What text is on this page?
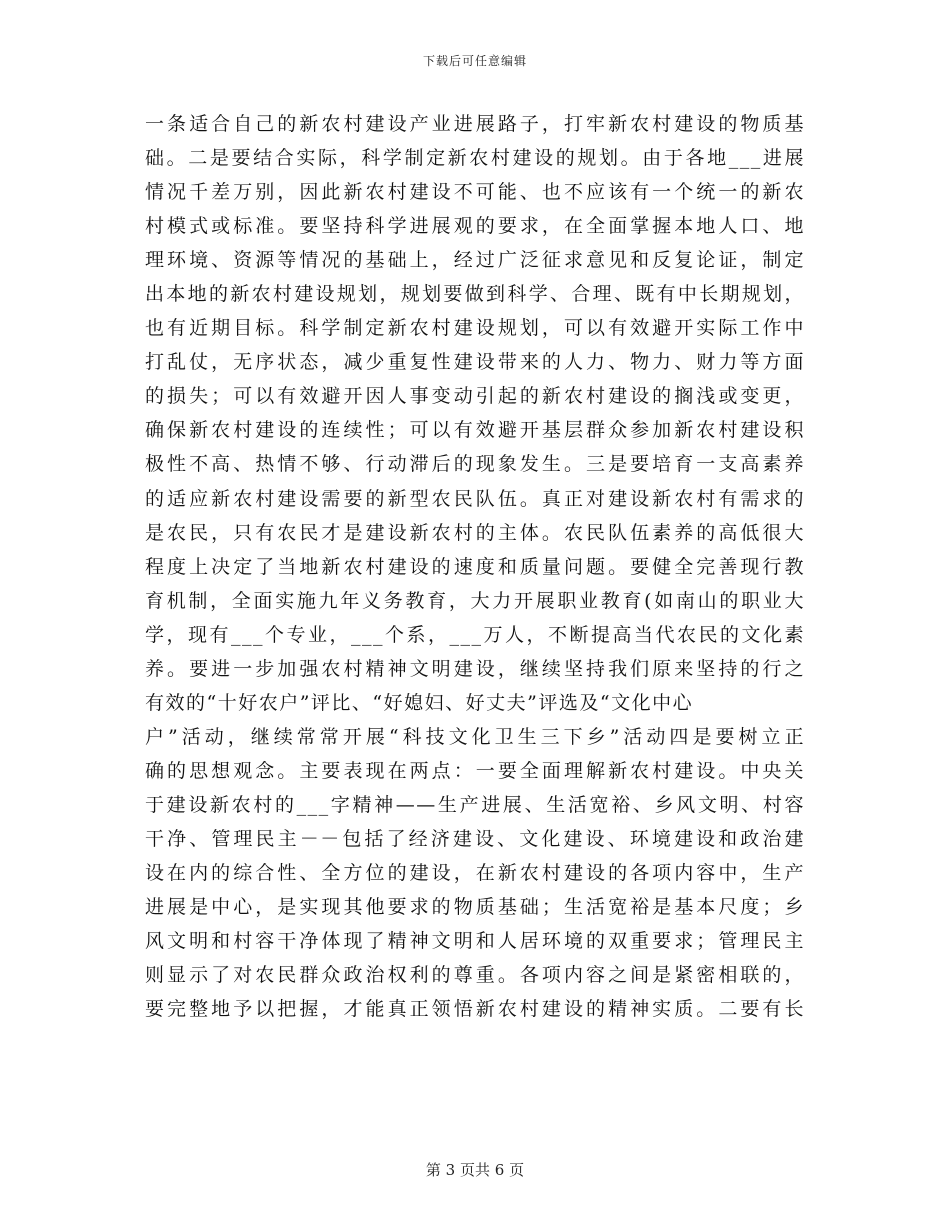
下载后可任意编辑
一条适合自己的新农村建设产业进展路子，打牢新农村建设的物质基
础。二是要结合实际，科学制定新农村建设的规划。由于各地___进展
情况千差万别，因此新农村建设不可能、也不应该有一个统一的新农
村模式或标准。要坚持科学进展观的要求，在全面掌握本地人口、地
理环境、资源等情况的基础上，经过广泛征求意见和反复论证，制定
出本地的新农村建设规划，规划要做到科学、合理、既有中长期规划，
也有近期目标。科学制定新农村建设规划，可以有效避开实际工作中
打乱仗，无序状态，减少重复性建设带来的人力、物力、财力等方面
的损失；可以有效避开因人事变动引起的新农村建设的搁浅或变更，
确保新农村建设的连续性；可以有效避开基层群众参加新农村建设积
极性不高、热情不够、行动滞后的现象发生。三是要培育一支高素养
的适应新农村建设需要的新型农民队伍。真正对建设新农村有需求的
是农民，只有农民才是建设新农村的主体。农民队伍素养的高低很大
程度上决定了当地新农村建设的速度和质量问题。要健全完善现行教
育机制，全面实施九年义务教育，大力开展职业教育(如南山的职业大
学，现有___个专业，___个系，___万人，不断提高当代农民的文化素
养。要进一步加强农村精神文明建设，继续坚持我们原来坚持的行之
有效的“十好农户”评比、“好媳妇、好丈夫”评选及“文化中心
户”活动，继续常常开展“科技文化卫生三下乡”活动四是要树立正
确的思想观念。主要表现在两点：一要全面理解新农村建设。中央关
于建设新农村的___字精神——生产进展、生活宽裕、乡风文明、村容
干净、管理民主－－包括了经济建设、文化建设、环境建设和政治建
设在内的综合性、全方位的建设，在新农村建设的各项内容中，生产
进展是中心，是实现其他要求的物质基础；生活宽裕是基本尺度；乡
风文明和村容干净体现了精神文明和人居环境的双重要求；管理民主
则显示了对农民群众政治权利的尊重。各项内容之间是紧密相联的，
要完整地予以把握，才能真正领悟新农村建设的精神实质。二要有长
第 3 页共 6 页
